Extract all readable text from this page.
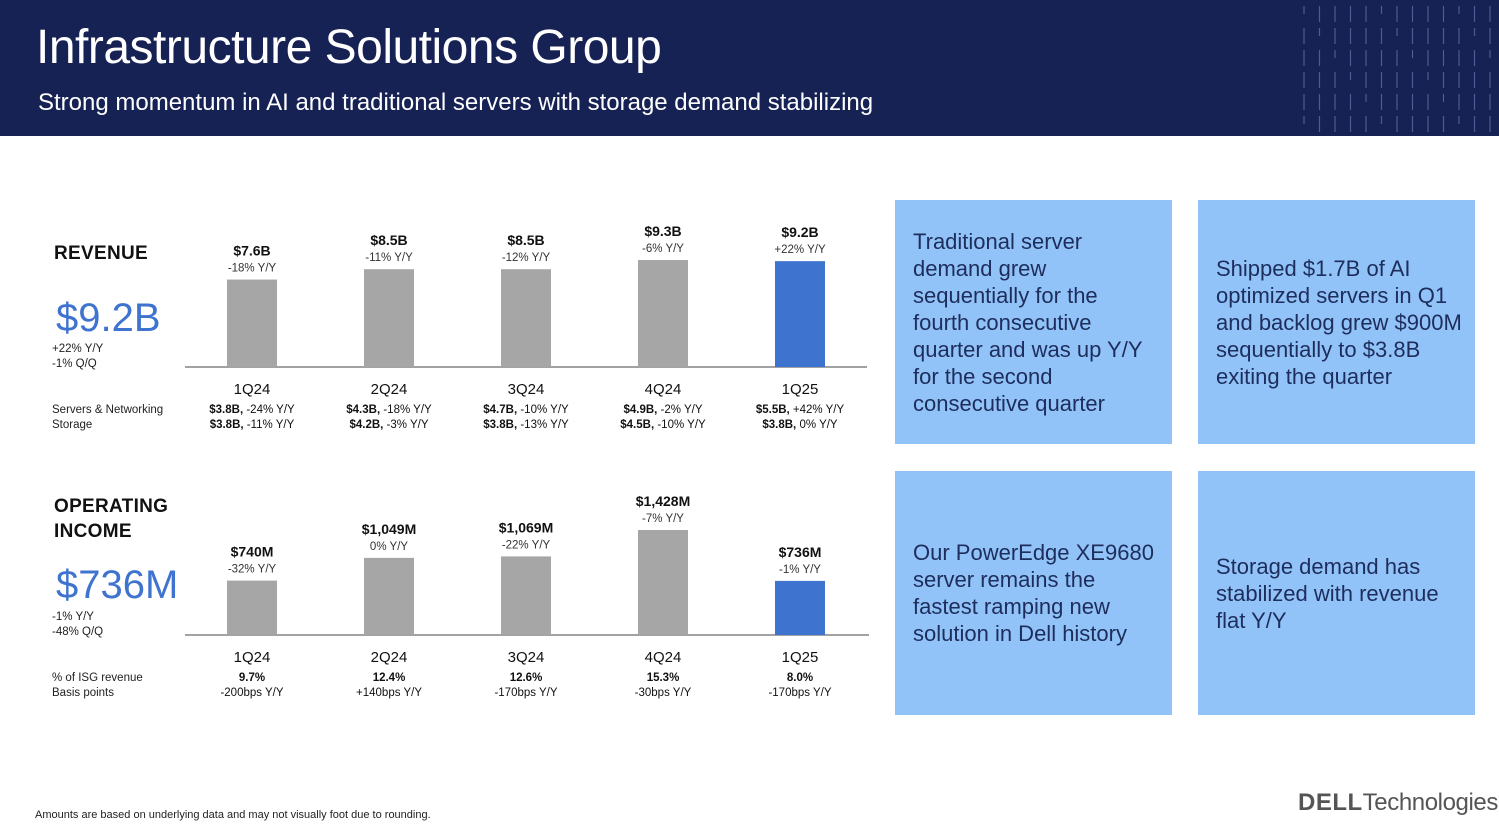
Infrastructure Solutions Group
Strong momentum in AI and traditional servers with storage demand stabilizing
REVENUE
$9.2B
+22% Y/Y
-1% Q/Q
$7.6B
-18% Y/Y
1Q24
$8.5B
-11% Y/Y
2Q24
$8.5B
-12% Y/Y
3Q24
$9.3B
-6% Y/Y
4Q24
$9.2B
+22% Y/Y
1Q25
Servers & Networking
Storage
$3.8B, -24% Y/Y	$4.3B, -18% Y/Y	$4.7B, -10% Y/Y	$4.9B, -2% Y/Y	$5.5B, +42% Y/Y
$3.8B, -11% Y/Y	$4.2B, -3% Y/Y	$3.8B, -13% Y/Y	$4.5B, -10% Y/Y	$3.8B, 0% Y/Y
OPERATING
INCOME
$736M
-1% Y/Y
-48% Q/Q
$740M
-32% Y/Y
1Q24
$1,049M
0% Y/Y
2Q24
$1,069M
-22% Y/Y
3Q24
$1,428M
-7% Y/Y
4Q24
$736M
-1% Y/Y
1Q25
% of ISG revenue
Basis points
9.7%	12.4%	12.6%	15.3%	8.0%
-200bps Y/Y	+140bps Y/Y	-170bps Y/Y	-30bps Y/Y	-170bps Y/Y
Traditional server demand grew sequentially for the fourth consecutive quarter and was up Y/Y for the second consecutive quarter
Shipped $1.7B of AI optimized servers in Q1 and backlog grew $900M sequentially to $3.8B exiting the quarter
Our PowerEdge XE9680 server remains the fastest ramping new solution in Dell history
Storage demand has stabilized with revenue flat Y/Y
Amounts are based on underlying data and may not visually foot due to rounding.	DELLTechnologies
